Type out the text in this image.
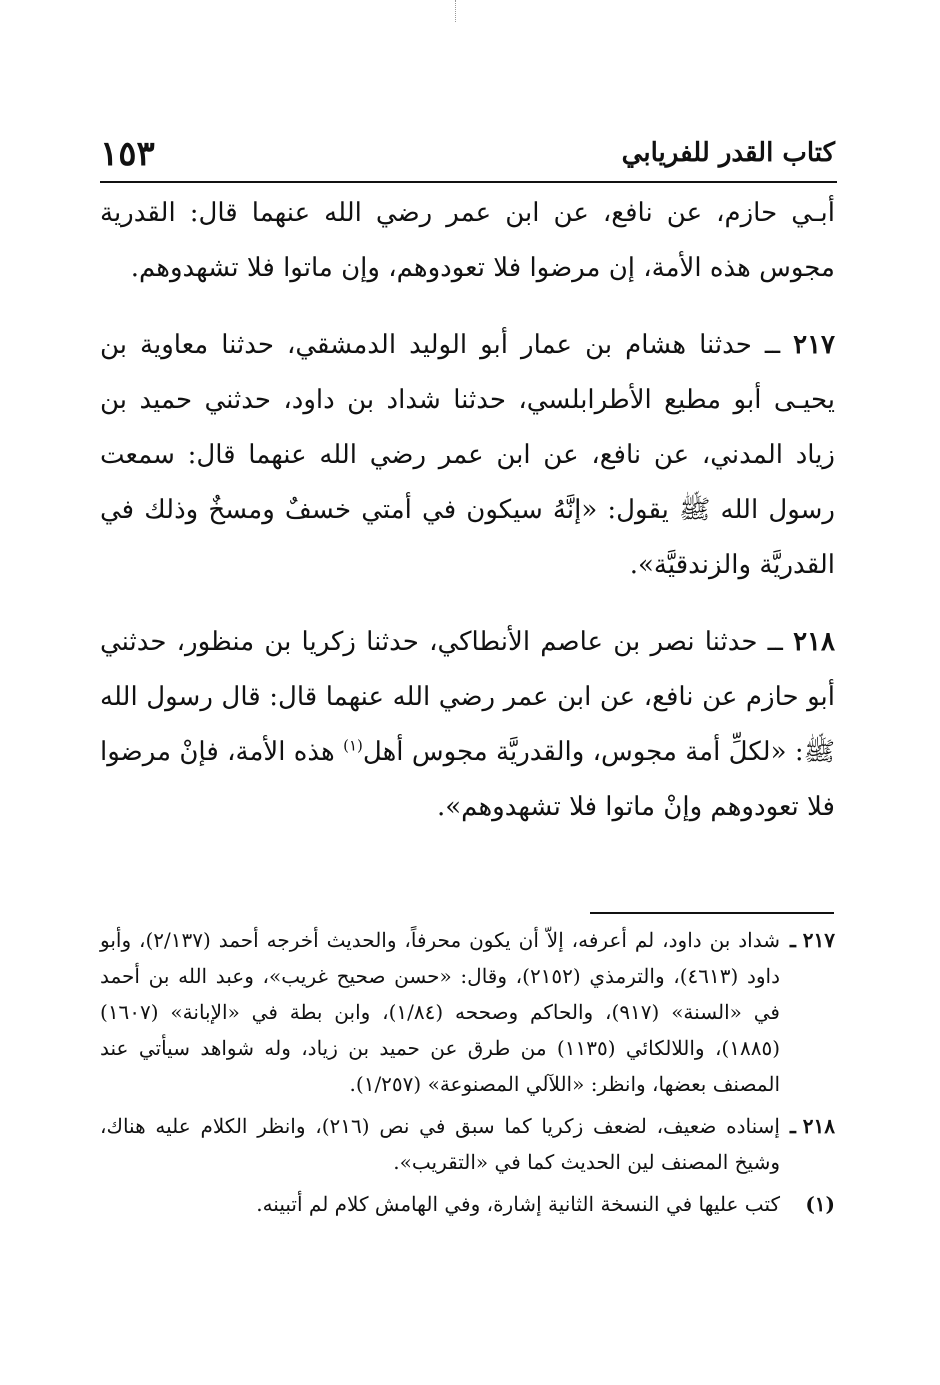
كتاب القدر للفريابي
١٥٣

أبـي حازم، عن نافع، عن ابن عمر رضي الله عنهما قال: القدرية مجوس هذه الأمة، إن مرضوا فلا تعودوهم، وإن ماتوا فلا تشهدوهم.

٢١٧ ــ حدثنا هشام بن عمار أبو الوليد الدمشقي، حدثنا معاوية بن يحيـى أبو مطيع الأطرابلسي، حدثنا شداد بن داود، حدثني حميد بن زياد المدني، عن نافع، عن ابن عمر رضي الله عنهما قال: سمعت رسول الله ﷺ يقول: «إنَّهُ سيكون في أمتي خسفٌ ومسخٌ وذلك في القدريَّة والزندقيَّة».

٢١٨ ــ حدثنا نصر بن عاصم الأنطاكي، حدثنا زكريا بن منظور، حدثني أبو حازم عن نافع، عن ابن عمر رضي الله عنهما قال: قال رسول الله ﷺ: «لكلِّ أمة مجوس، والقدريَّة مجوس أهل$^{(١)}$ هذه الأمة، فإنْ مرضوا فلا تعودوهم وإنْ ماتوا فلا تشهدوهم».

٢١٧ ـ
شداد بن داود، لم أعرفه، إلاّ أن يكون محرفاً، والحديث أخرجه أحمد (٢/١٣٧)، وأبو داود (٤٦١٣)، والترمذي (٢١٥٢)، وقال: «حسن صحيح غريب»، وعبد الله بن أحمد في «السنة» (٩١٧)، والحاكم وصححه (١/٨٤)، وابن بطة في «الإبانة» (١٦٠٧) (١٨٨٥)، واللالكائي (١١٣٥) من طرق عن حميد بن زياد، وله شواهد سيأتي عند المصنف بعضها، وانظر: «اللآلي المصنوعة» (١/٢٥٧).
٢١٨ ـ
إسناده ضعيف، لضعف زكريا كما سبق في نص (٢١٦)، وانظر الكلام عليه هناك، وشيخ المصنف لين الحديث كما في «التقريب».
(١)
كتب عليها في النسخة الثانية إشارة، وفي الهامش كلام لم أتبينه.
